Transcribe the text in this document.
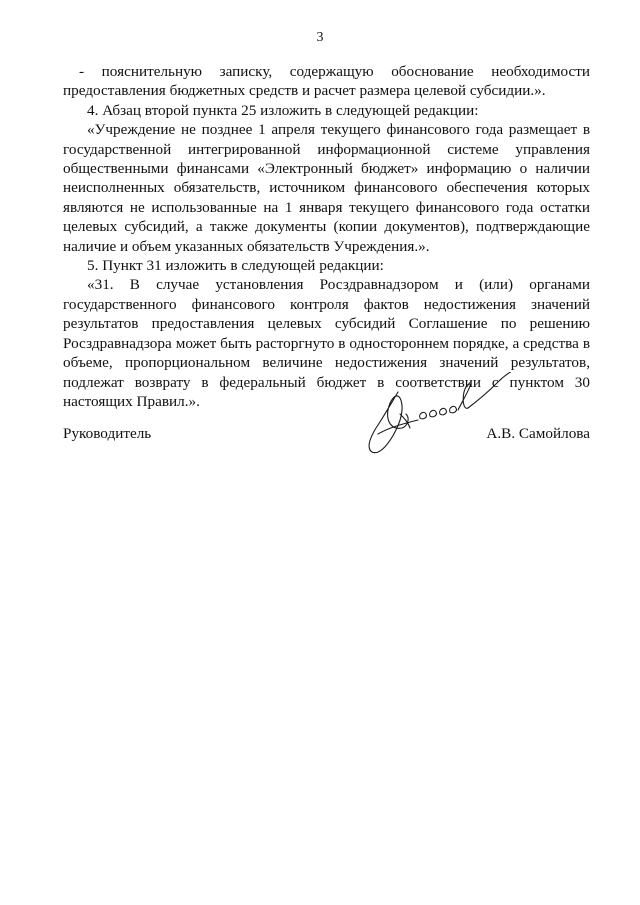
3

- пояснительную записку, содержащую обоснование необходимости предоставления бюджетных средств и расчет размера целевой субсидии.».

4. Абзац второй пункта 25 изложить в следующей редакции:

«Учреждение не позднее 1 апреля текущего финансового года размещает в государственной интегрированной информационной системе управления общественными финансами «Электронный бюджет» информацию о наличии неисполненных обязательств, источником финансового обеспечения которых являются не использованные на 1 января текущего финансового года остатки целевых субсидий, а также документы (копии документов), подтверждающие наличие и объем указанных обязательств Учреждения.».

5. Пункт 31 изложить в следующей редакции:

«31. В случае установления Росздравнадзором и (или) органами государственного финансового контроля фактов недостижения значений результатов предоставления целевых субсидий Соглашение по решению Росздравнадзора может быть расторгнуто в одностороннем порядке, а средства в объеме, пропорциональном величине недостижения значений результатов, подлежат возврату в федеральный бюджет в соответствии с пунктом 30 настоящих Правил.».

Руководитель	А.В. Самойлова
